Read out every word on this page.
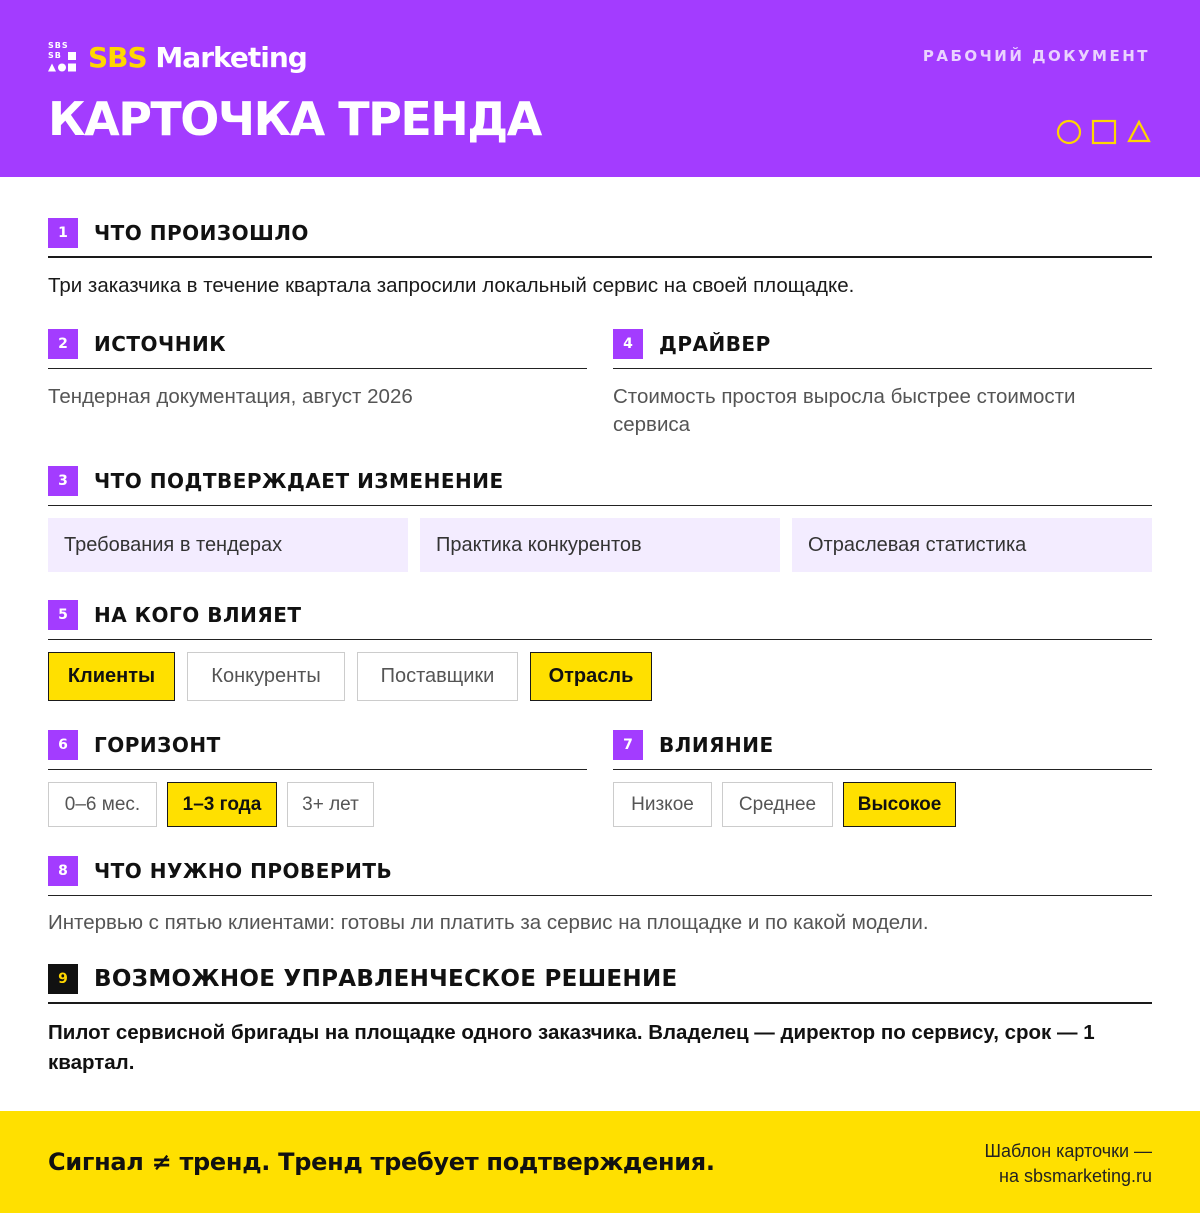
SBS
SB SBS Marketing	РАБОЧИЙ ДОКУМЕНТ
КАРТОЧКА ТРЕНДА
1	ЧТО ПРОИЗОШЛО
Три заказчика в течение квартала запросили локальный сервис на своей площадке.
2	ИСТОЧНИК
Тендерная документация, август 2026
4	ДРАЙВЕР
Стоимость простоя выросла быстрее стоимости сервиса
3	ЧТО ПОДТВЕРЖДАЕТ ИЗМЕНЕНИЕ
Требования в тендерах	Практика конкурентов	Отраслевая статистика
5	НА КОГО ВЛИЯЕТ
Клиенты	Конкуренты	Поставщики	Отрасль
6	ГОРИЗОНТ
0–6 мес.	1–3 года	3+ лет
7	ВЛИЯНИЕ
Низкое	Среднее	Высокое
8	ЧТО НУЖНО ПРОВЕРИТЬ
Интервью с пятью клиентами: готовы ли платить за сервис на площадке и по какой модели.
9	ВОЗМОЖНОЕ УПРАВЛЕНЧЕСКОЕ РЕШЕНИЕ
Пилот сервисной бригады на площадке одного заказчика. Владелец — директор по сервису, срок — 1 квартал.
Сигнал ≠ тренд. Тренд требует подтверждения.	Шаблон карточки —
на sbsmarketing.ru
